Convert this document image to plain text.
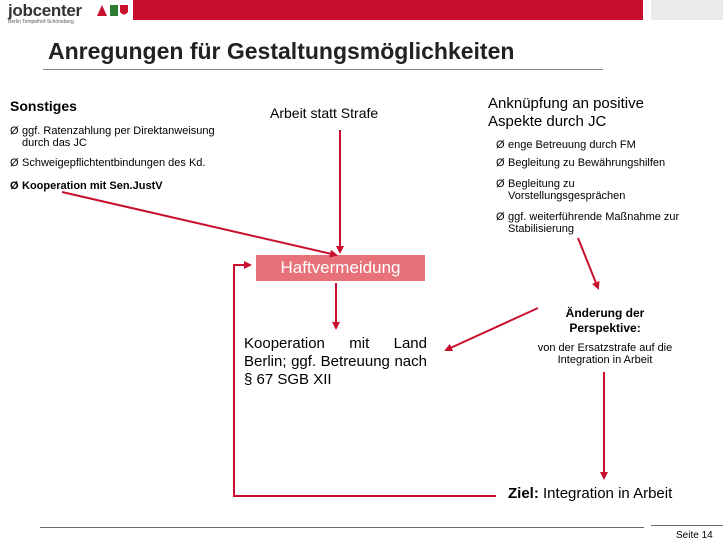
jobcenter
Berlin Tempelhof-Schöneberg
Anregungen für Gestaltungsmöglichkeiten
Sonstiges
Ø ggf. Ratenzahlung per Direktanweisung durch das JC
Ø Schweigepflichtentbindungen des Kd.
Ø Kooperation mit Sen.JustV
Arbeit statt Strafe
Anknüpfung an positive
Aspekte durch JC
Ø enge Betreuung durch FM
Ø Begleitung zu Bewährungshilfen
Ø Begleitung zu Vorstellungsgesprächen
Ø ggf. weiterführende Maßnahme zur Stabilisierung
Haftvermeidung
Kooperation mit Land Berlin; ggf. Betreuung nach § 67 SGB XII
Änderung der Perspektive:
von der Ersatzstrafe auf die Integration in Arbeit
Ziel: Integration in Arbeit
Seite 14
